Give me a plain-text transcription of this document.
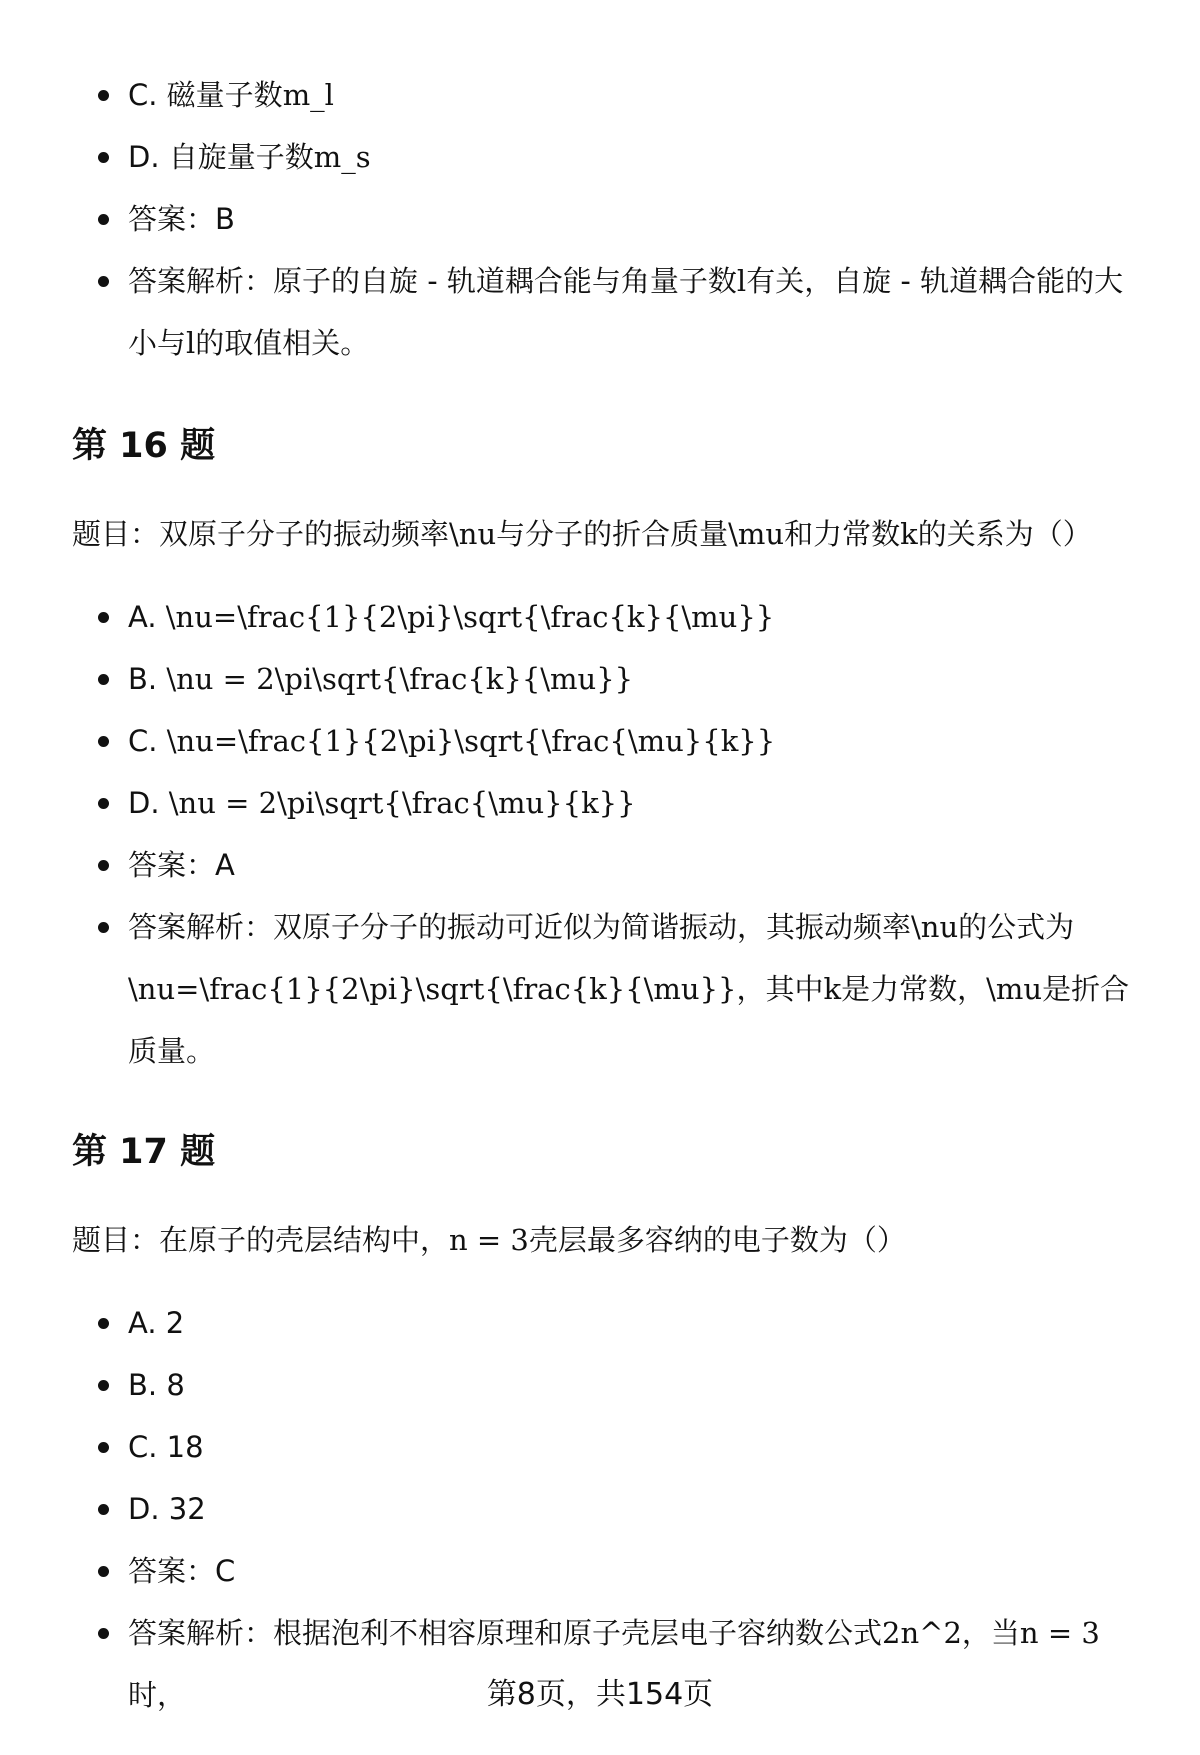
C. 磁量子数m_l
D. 自旋量子数m_s
答案：B
答案解析：原子的自旋 - 轨道耦合能与角量子数l有关，自旋 - 轨道耦合能的大小与l的取值相关。
第 16 题

题目：双原子分子的振动频率\nu与分子的折合质量\mu和力常数k的关系为（）

A. \nu=\frac{1}{2\pi}\sqrt{\frac{k}{\mu}}
B. \nu = 2\pi\sqrt{\frac{k}{\mu}}
C. \nu=\frac{1}{2\pi}\sqrt{\frac{\mu}{k}}
D. \nu = 2\pi\sqrt{\frac{\mu}{k}}
答案：A
答案解析：双原子分子的振动可近似为简谐振动，其振动频率\nu的公式为\nu=\frac{1}{2\pi}\sqrt{\frac{k}{\mu}}，其中k是力常数，\mu是折合质量。
第 17 题

题目：在原子的壳层结构中，n = 3壳层最多容纳的电子数为（）

A. 2
B. 8
C. 18
D. 32
答案：C
答案解析：根据泡利不相容原理和原子壳层电子容纳数公式2n^2，当n = 3时，	第8页，共154页
